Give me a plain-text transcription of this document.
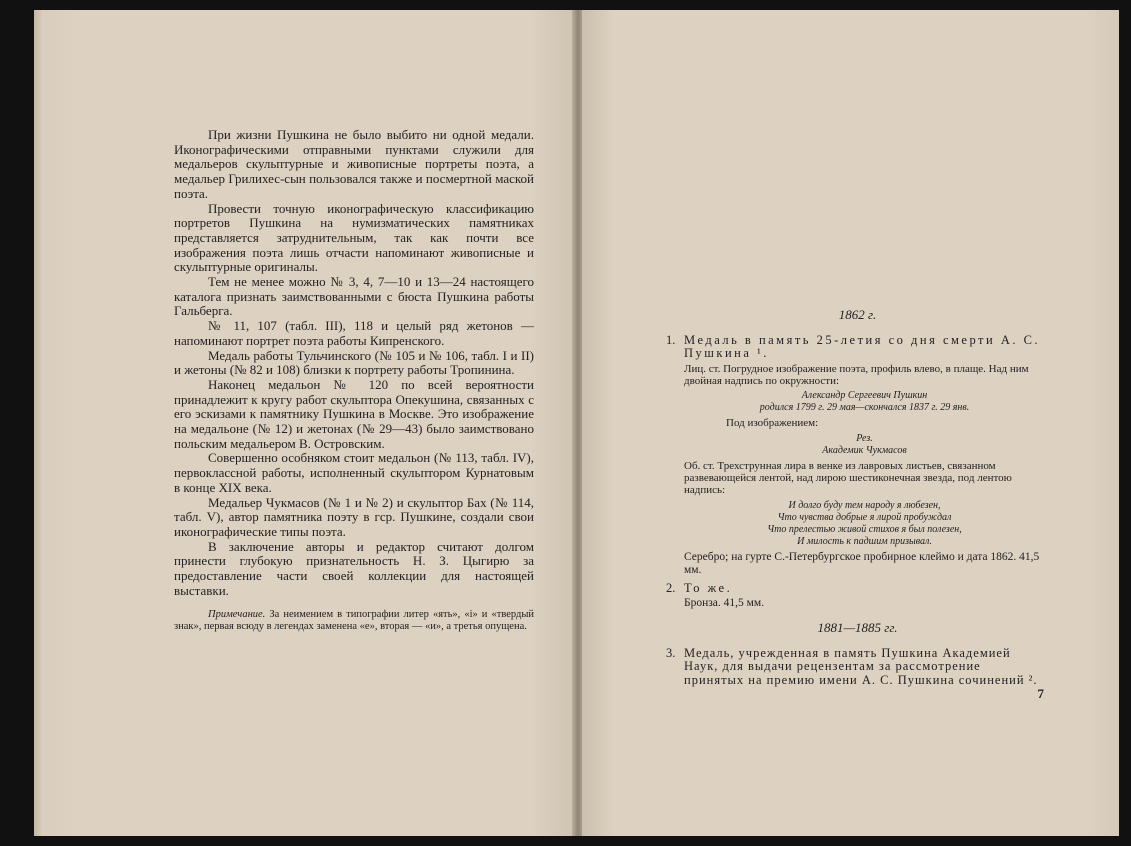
При жизни Пушкина не было выбито ни одной медали. Иконографическими отправными пунктами служили для медальеров скульптурные и живописные портреты поэта, а медальер Грилихес-сын пользовался также и посмертной маской поэта.

Провести точную иконографическую классификацию портретов Пушкина на нумизматических памятниках представляется затруднительным, так как почти все изображения поэта лишь отчасти напоминают живописные и скульптурные оригиналы.

Тем не менее можно № 3, 4, 7—10 и 13—24 настоящего каталога признать заимствованными с бюста Пушкина работы Гальберга.

№ 11, 107 (табл. III), 118 и целый ряд жетонов — напоминают портрет поэта работы Кипренского.

Медаль работы Тульчинского (№ 105 и № 106, табл. I и II) и жетоны (№ 82 и 108) близки к портрету работы Тропинина.

Наконец медальон № 120 по всей вероятности принадлежит к кругу работ скульптора Опекушина, связанных с его эскизами к памятнику Пушкина в Москве. Это изображение на медальоне (№ 12) и жетонах (№ 29—43) было заимствовано польским медальером В. Островским.

Совершенно особняком стоит медальон (№ 113, табл. IV), первоклассной работы, исполненный скульптором Курнатовым в конце XIX века.

Медальер Чукмасов (№ 1 и № 2) и скульптор Бах (№ 114, табл. V), автор памятника поэту в гср. Пушкине, создали свои иконографические типы поэта.

В заключение авторы и редактор считают долгом принести глубокую признательность Н. З. Цыгирю за предоставление части своей коллекции для настоящей выставки.

Примечание. За неимением в типографии литер «ять», «і» и «твердый знак», первая всюду в легендах заменена «е», вторая — «и», а третья опущена.

1862 г.
1. Медаль в память 25-летия со дня смерти А. С. Пушкина ¹.
Лиц. ст. Погрудное изображение поэта, профиль влево, в плаще. Над ним двойная надпись по окружности:
Александр Сергеевич Пушкин
родился 1799 г. 29 мая—скончался 1837 г. 29 янв.
Под изображением:
Рез.
Академик Чукмасов
Об. ст. Трехструнная лира в венке из лавровых листьев, связанном развевающейся лентой, над лирою шестиконечная звезда, под лентою надпись:
И долго буду тем народу я любезен,
Что чувства добрые я лирой пробуждал
Что прелестью живой стихов я был полезен,
И милость к падшим призывал.
Серебро; на гурте С.-Петербургское пробирное клеймо и дата 1862. 41,5 мм.
2. То же.
Бронза. 41,5 мм.
1881—1885 гг.
3. Медаль, учрежденная в память Пушкина Академией Наук, для выдачи рецензентам за рассмотрение принятых на премию имени А. С. Пушкина сочинений ².
7
